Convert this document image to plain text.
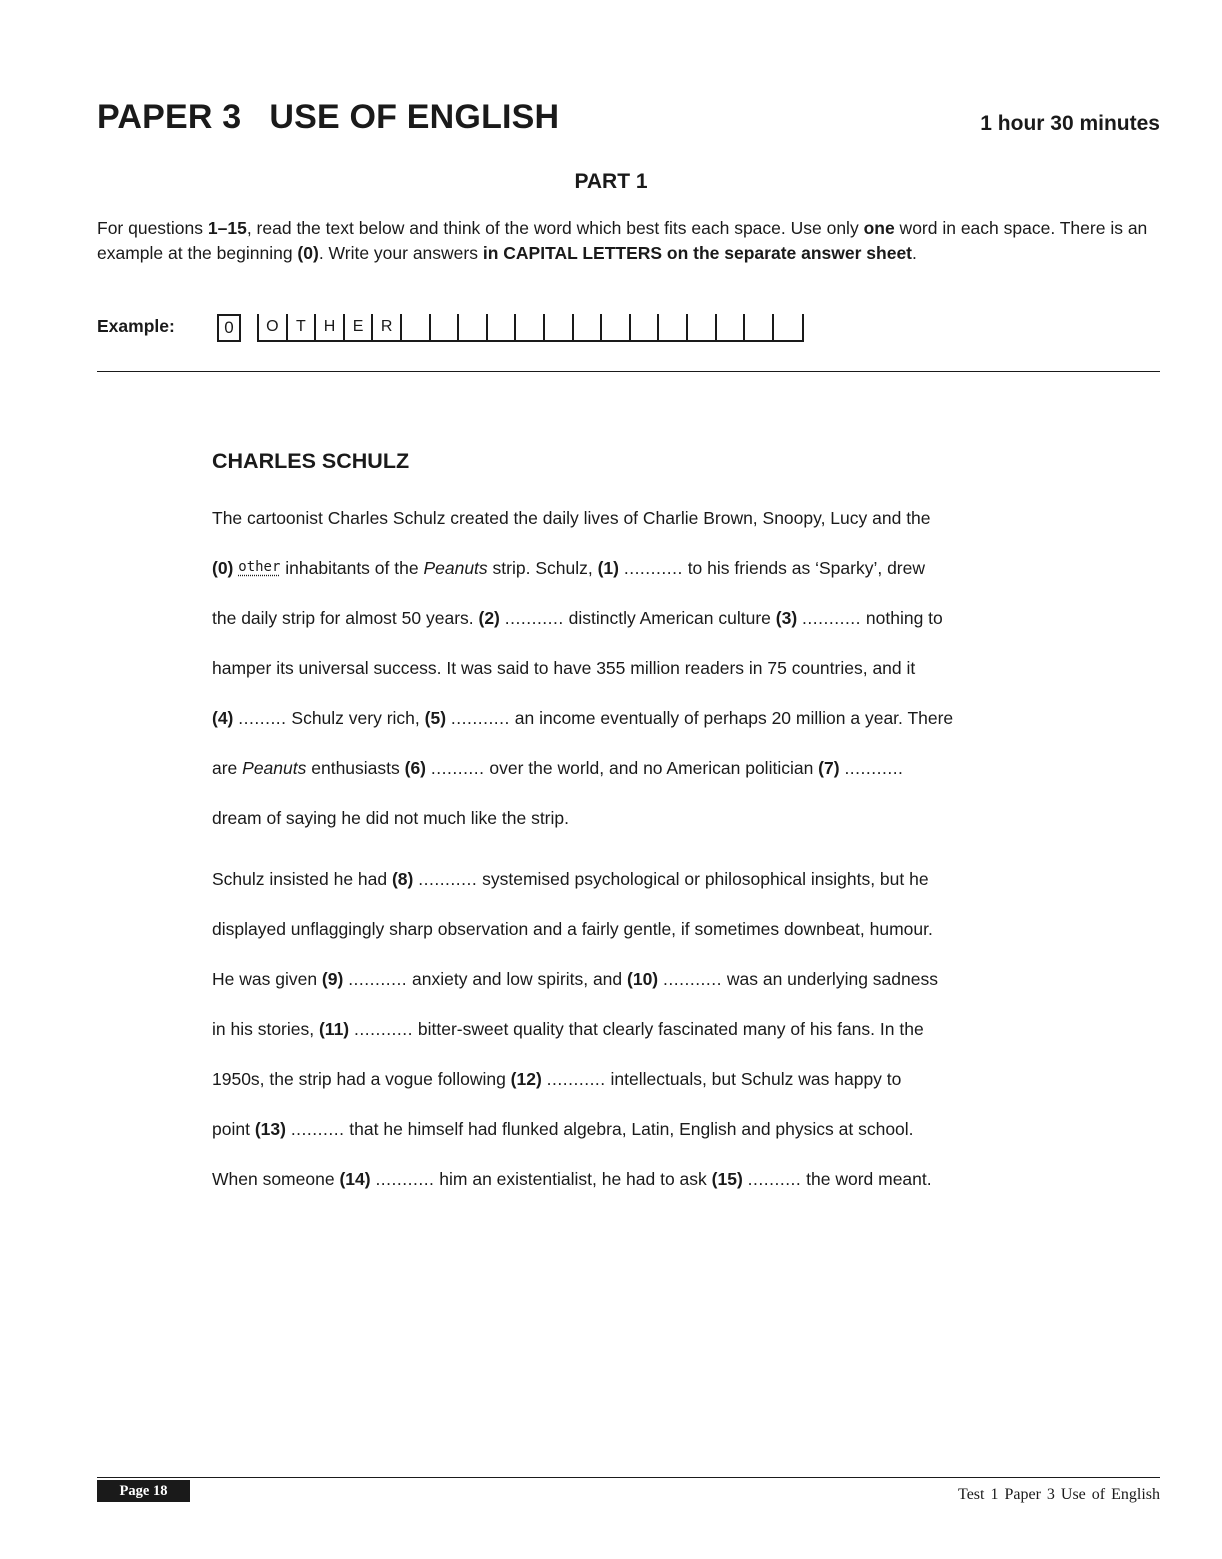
PAPER 3 USE OF ENGLISH	1 hour 30 minutes
PART 1
For questions 1–15, read the text below and think of the word which best fits each space. Use only one word in each space. There is an example at the beginning (0). Write your answers in CAPITAL LETTERS on the separate answer sheet.
Example:	0	O	T	H	E	R
CHARLES SCHULZ
The cartoonist Charles Schulz created the daily lives of Charlie Brown, Snoopy, Lucy and the
(0) other inhabitants of the Peanuts strip. Schulz, (1) ........... to his friends as ‘Sparky’, drew
the daily strip for almost 50 years. (2) ........... distinctly American culture (3) ........... nothing to
hamper its universal success. It was said to have 355 million readers in 75 countries, and it
(4) ......... Schulz very rich, (5) ........... an income eventually of perhaps 20 million a year. There
are Peanuts enthusiasts (6) .......... over the world, and no American politician (7) ...........
dream of saying he did not much like the strip.
Schulz insisted he had (8) ........... systemised psychological or philosophical insights, but he
displayed unflaggingly sharp observation and a fairly gentle, if sometimes downbeat, humour.
He was given (9) ........... anxiety and low spirits, and (10) ........... was an underlying sadness
in his stories, (11) ........... bitter-sweet quality that clearly fascinated many of his fans. In the
1950s, the strip had a vogue following (12) ........... intellectuals, but Schulz was happy to
point (13) .......... that he himself had flunked algebra, Latin, English and physics at school.
When someone (14) ........... him an existentialist, he had to ask (15) .......... the word meant.
Page 18	Test 1 Paper 3 Use of English
